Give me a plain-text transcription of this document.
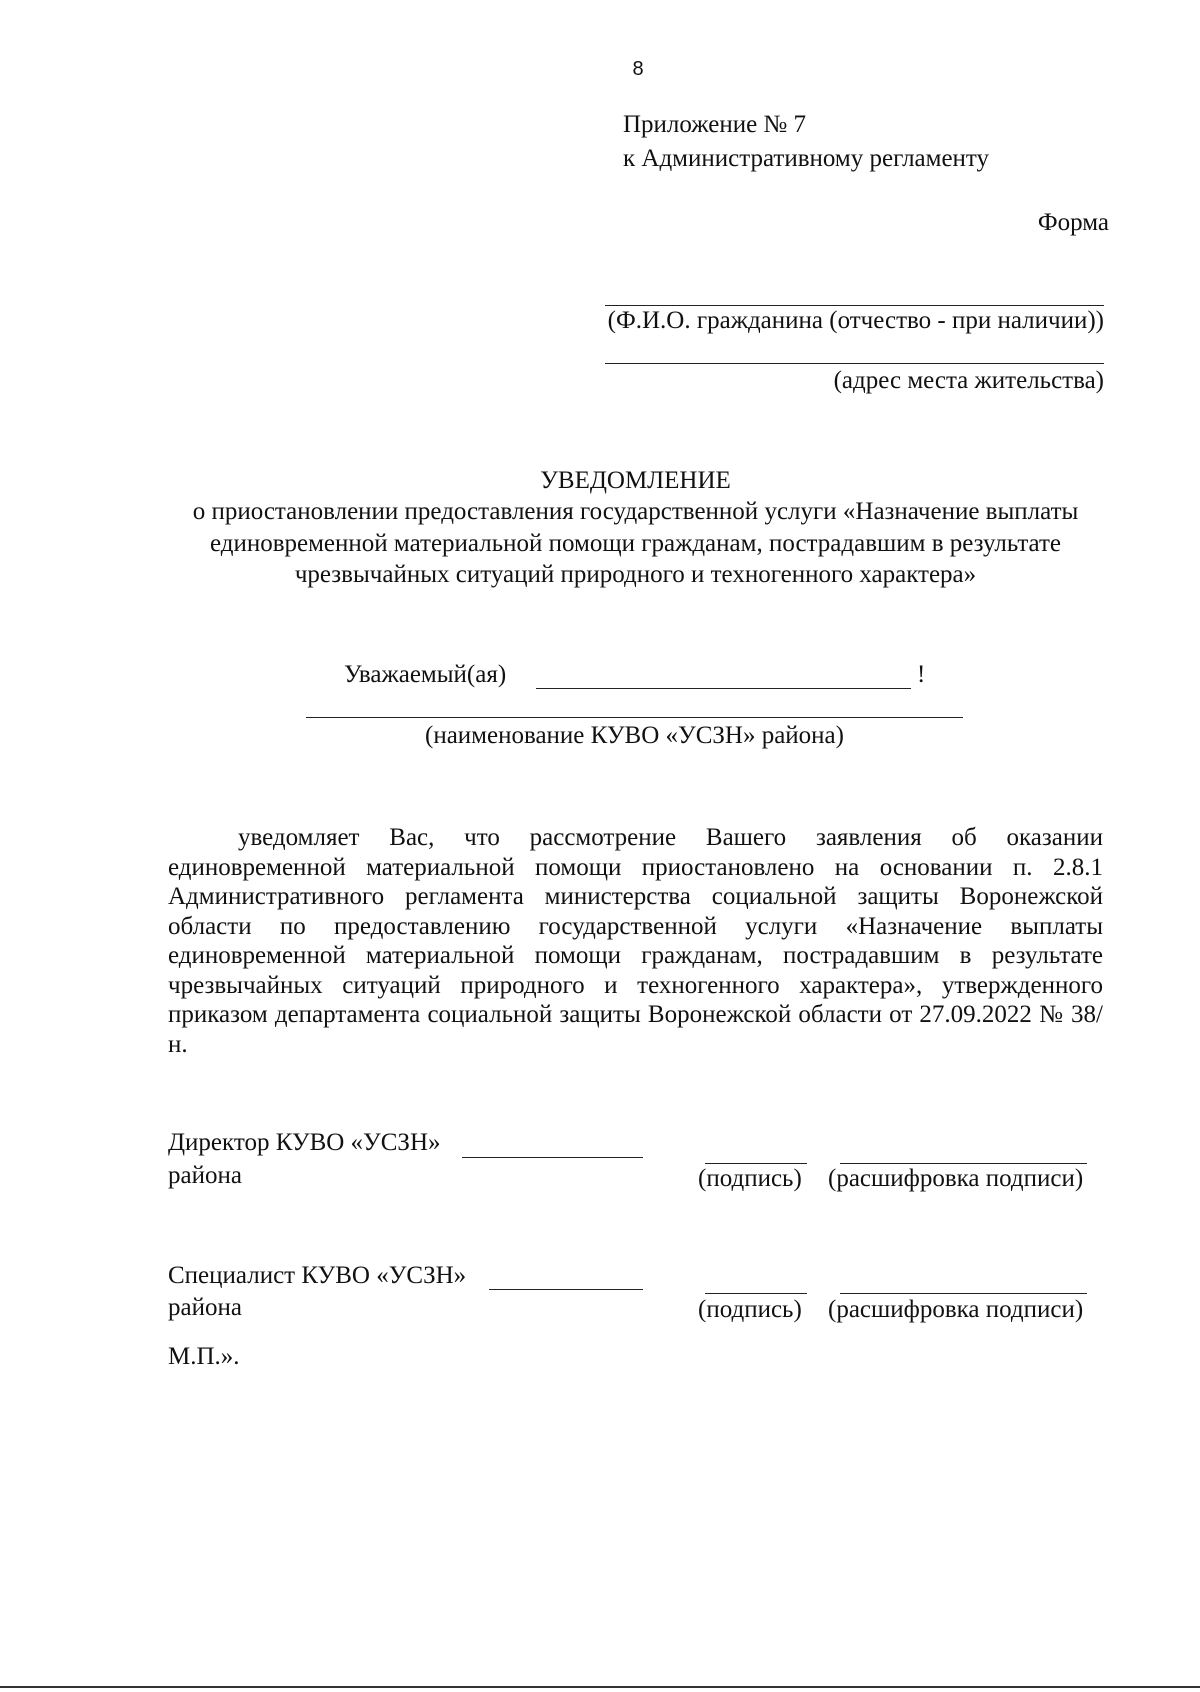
8
Приложение № 7
к Административному регламенту
Форма
(Ф.И.О. гражданина (отчество - при наличии))
(адрес места жительства)
УВЕДОМЛЕНИЕ
о приостановлении предоставления государственной услуги «Назначение выплаты
единовременной материальной помощи гражданам, пострадавшим в результате
чрезвычайных ситуаций природного и техногенного характера»
Уважаемый(ая)	!
(наименование КУВО «УСЗН» района)

уведомляет Вас, что рассмотрение Вашего заявления об оказании единовременной материальной помощи приостановлено на основании п. 2.8.1 Административного регламента министерства социальной защиты Воронежской области по предоставлению государственной услуги «Назначение выплаты единовременной материальной помощи гражданам, пострадавшим в результате чрезвычайных ситуаций природного и техногенного характера», утвержденного приказом департамента социальной защиты Воронежской области от 27.09.2022 № 38/н.

Директор КУВО «УСЗН»
района	(подпись) (расшифровка подписи)
Специалист КУВО «УСЗН»
района	(подпись) (расшифровка подписи)
М.П.».
